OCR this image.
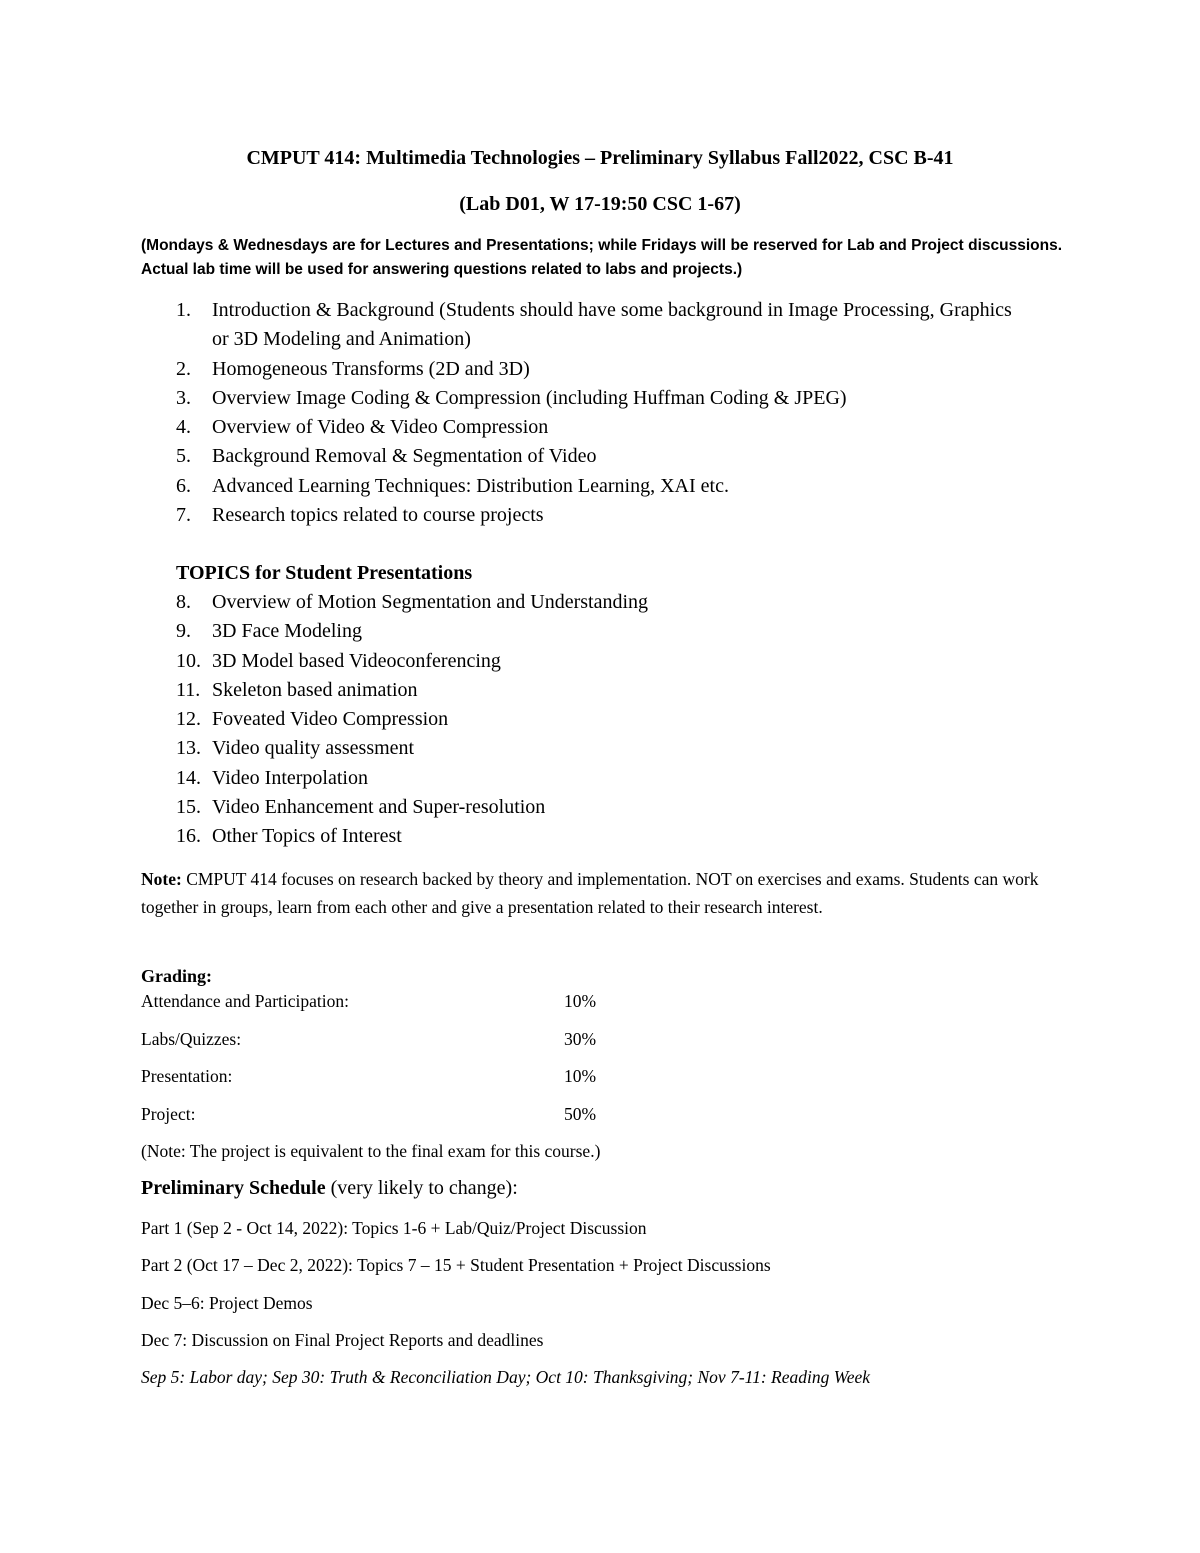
CMPUT 414: Multimedia Technologies – Preliminary Syllabus Fall2022, CSC B-41
(Lab D01, W 17-19:50 CSC 1-67)
(Mondays & Wednesdays are for Lectures and Presentations; while Fridays will be reserved for Lab and Project discussions. Actual lab time will be used for answering questions related to labs and projects.)
1. Introduction & Background (Students should have some background in Image Processing, Graphics or 3D Modeling and Animation)
2. Homogeneous Transforms (2D and 3D)
3. Overview Image Coding & Compression (including Huffman Coding & JPEG)
4. Overview of Video & Video Compression
5. Background Removal & Segmentation of Video
6. Advanced Learning Techniques: Distribution Learning, XAI etc.
7. Research topics related to course projects
TOPICS for Student Presentations
8. Overview of Motion Segmentation and Understanding
9. 3D Face Modeling
10. 3D Model based Videoconferencing
11. Skeleton based animation
12. Foveated Video Compression
13. Video quality assessment
14. Video Interpolation
15. Video Enhancement and Super-resolution
16. Other Topics of Interest
Note: CMPUT 414 focuses on research backed by theory and implementation. NOT on exercises and exams. Students can work together in groups, learn from each other and give a presentation related to their research interest.
Grading:
Attendance and Participation:	10%
Labs/Quizzes:	30%
Presentation:	10%
Project:	50%
(Note: The project is equivalent to the final exam for this course.)
Preliminary Schedule (very likely to change):
Part 1 (Sep 2 - Oct 14, 2022): Topics 1-6 + Lab/Quiz/Project Discussion
Part 2 (Oct 17 – Dec 2, 2022): Topics 7 – 15 + Student Presentation + Project Discussions
Dec 5–6: Project Demos
Dec 7: Discussion on Final Project Reports and deadlines
Sep 5: Labor day; Sep 30: Truth & Reconciliation Day; Oct 10: Thanksgiving; Nov 7-11: Reading Week
